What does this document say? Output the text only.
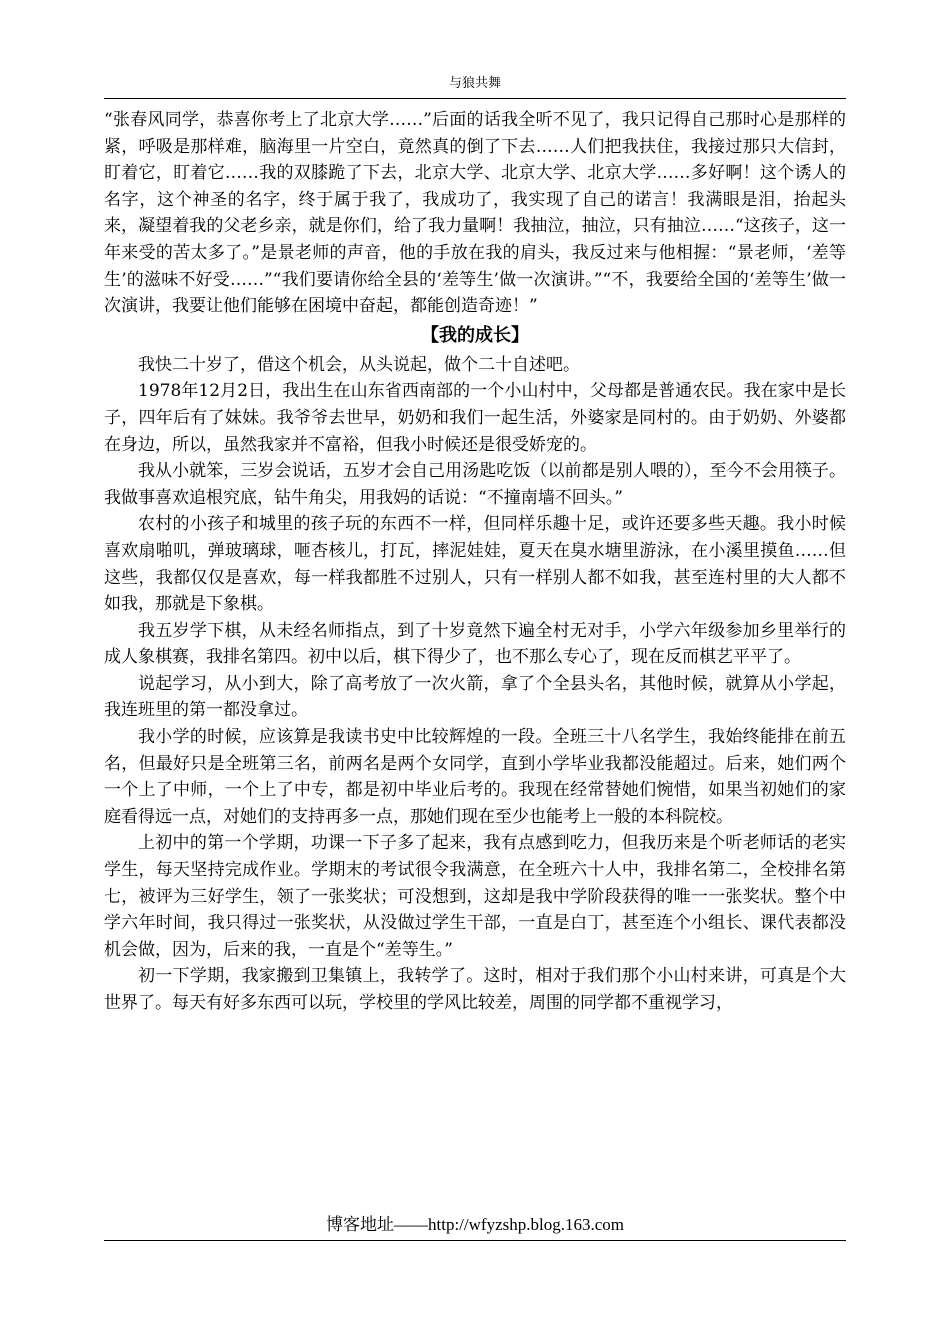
与狼共舞

“张春风同学，恭喜你考上了北京大学……”后面的话我全听不见了，我只记得自己那时心是那样的紧，呼吸是那样难，脑海里一片空白，竟然真的倒了下去……人们把我扶住，我接过那只大信封，盯着它，盯着它……我的双膝跪了下去，北京大学、北京大学、北京大学……多好啊！这个诱人的名字，这个神圣的名字，终于属于我了，我成功了，我实现了自己的诺言！我满眼是泪，抬起头来，凝望着我的父老乡亲，就是你们，给了我力量啊！我抽泣，抽泣，只有抽泣……“这孩子，这一年来受的苦太多了。”是景老师的声音，他的手放在我的肩头，我反过来与他相握：“景老师，‘差等生’的滋味不好受……”“我们要请你给全县的‘差等生’做一次演讲。”“不，我要给全国的‘差等生’做一次演讲，我要让他们能够在困境中奋起，都能创造奇迹！”

【我的成长】

我快二十岁了，借这个机会，从头说起，做个二十自述吧。

1978年12月2日，我出生在山东省西南部的一个小山村中，父母都是普通农民。我在家中是长子，四年后有了妹妹。我爷爷去世早，奶奶和我们一起生活，外婆家是同村的。由于奶奶、外婆都在身边，所以，虽然我家并不富裕，但我小时候还是很受娇宠的。

我从小就笨，三岁会说话，五岁才会自己用汤匙吃饭（以前都是别人喂的），至今不会用筷子。我做事喜欢追根究底，钻牛角尖，用我妈的话说：“不撞南墙不回头。”

农村的小孩子和城里的孩子玩的东西不一样，但同样乐趣十足，或许还要多些天趣。我小时候喜欢扇啪叽，弹玻璃球，咂杏核儿，打瓦，摔泥娃娃，夏天在臭水塘里游泳，在小溪里摸鱼……但这些，我都仅仅是喜欢，每一样我都胜不过别人，只有一样别人都不如我，甚至连村里的大人都不如我，那就是下象棋。

我五岁学下棋，从未经名师指点，到了十岁竟然下遍全村无对手，小学六年级参加乡里举行的成人象棋赛，我排名第四。初中以后，棋下得少了，也不那么专心了，现在反而棋艺平平了。

说起学习，从小到大，除了高考放了一次火箭，拿了个全县头名，其他时候，就算从小学起，我连班里的第一都没拿过。

我小学的时候，应该算是我读书史中比较辉煌的一段。全班三十八名学生，我始终能排在前五名，但最好只是全班第三名，前两名是两个女同学，直到小学毕业我都没能超过。后来，她们两个一个上了中师，一个上了中专，都是初中毕业后考的。我现在经常替她们惋惜，如果当初她们的家庭看得远一点，对她们的支持再多一点，那她们现在至少也能考上一般的本科院校。

上初中的第一个学期，功课一下子多了起来，我有点感到吃力，但我历来是个听老师话的老实学生，每天坚持完成作业。学期末的考试很令我满意，在全班六十人中，我排名第二，全校排名第七，被评为三好学生，领了一张奖状；可没想到，这却是我中学阶段获得的唯一一张奖状。整个中学六年时间，我只得过一张奖状，从没做过学生干部，一直是白丁，甚至连个小组长、课代表都没机会做，因为，后来的我，一直是个“差等生。”

初一下学期，我家搬到卫集镇上，我转学了。这时，相对于我们那个小山村来讲，可真是个大世界了。每天有好多东西可以玩，学校里的学风比较差，周围的同学都不重视学习，

博客地址——http://wfyzshp.blog.163.com
